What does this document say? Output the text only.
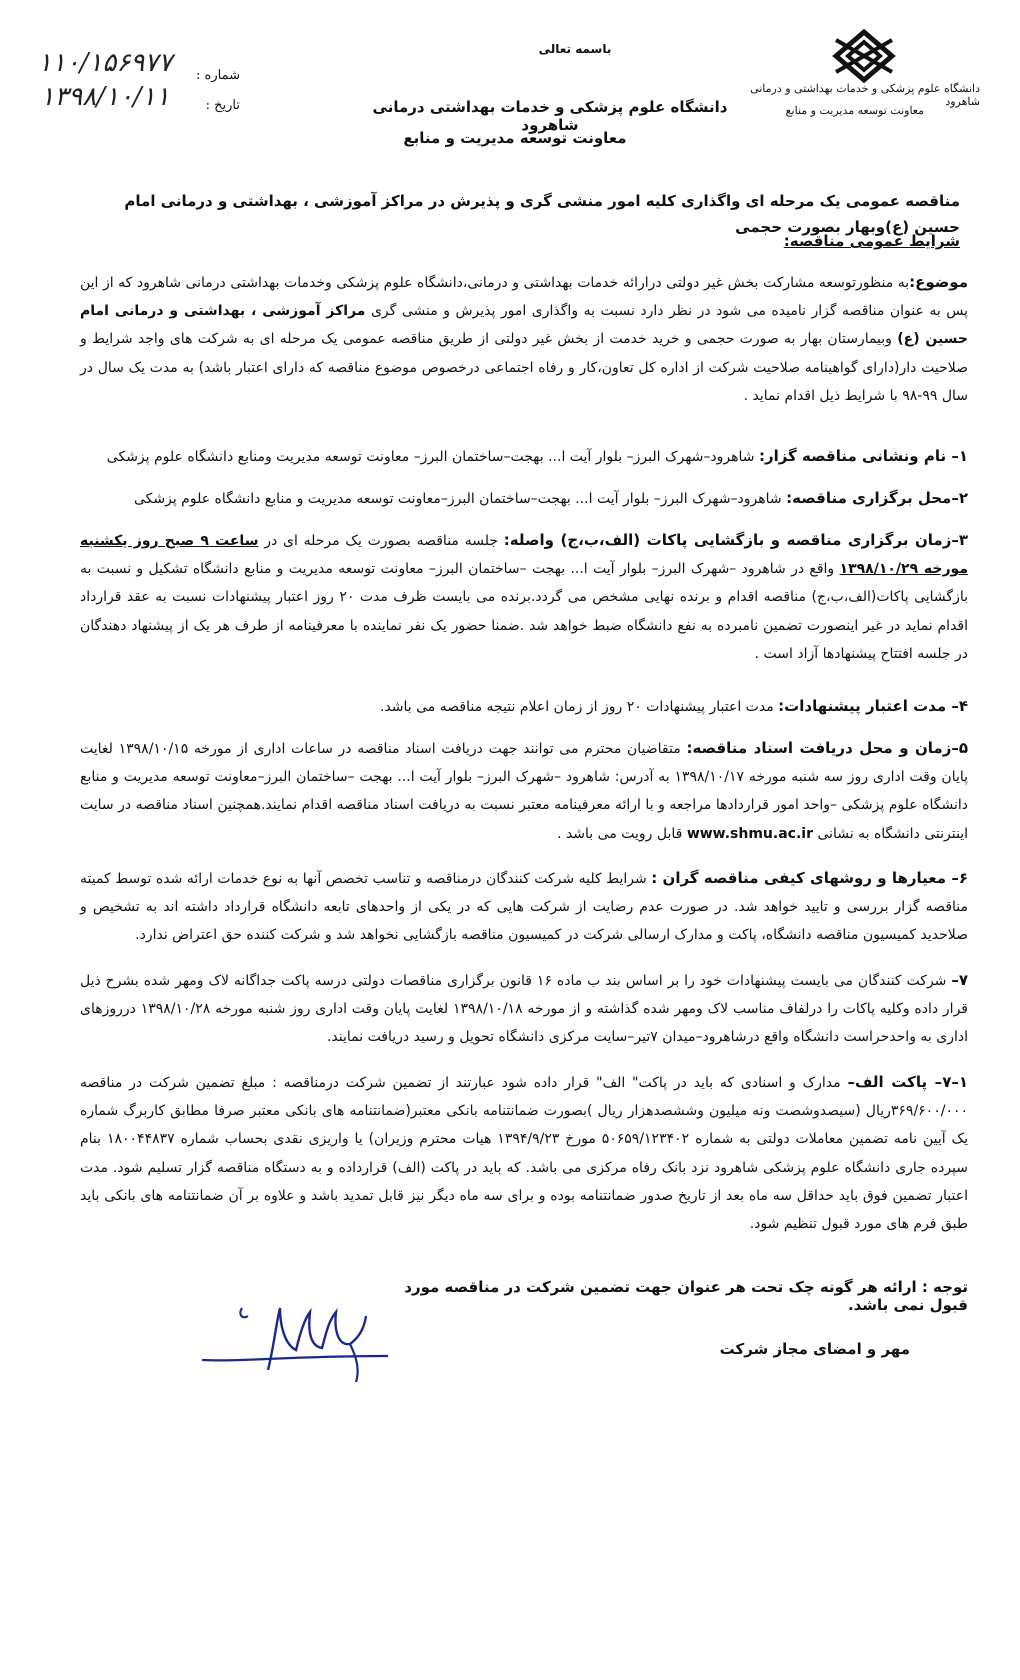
دانشگاه علوم پزشکی و خدمات بهداشتی و درمانی شاهرود
معاونت توسعه مدیریت و منابع
باسمه تعالی
دانشگاه علوم پزشکی و خدمات بهداشتی درمانی شاهرود
معاونت توسعه مدیریت و منابع
شماره :
تاریخ :
۱۱۰/۱۵۶۹۷۷
۱۳۹۸/۱۰/۱۱
مناقصه عمومی یک مرحله ای واگذاری کلیه امور منشی گری و پذیرش در مراکز آموزشی ، بهداشتی و درمانی امام حسین (ع)وبهار بصورت حجمی
شرایط عمومی مناقصه:
موضوع:به منظورتوسعه مشارکت بخش غیر دولتی درارائه خدمات بهداشتی و درمانی،دانشگاه علوم پزشکی وخدمات بهداشتی درمانی شاهرود که از این پس به عنوان مناقصه گزار نامیده می شود در نظر دارد نسبت به واگذاری امور پذیرش و منشی گری مراکز آموزشی ، بهداشتی و درمانی امام حسین (ع) وبیمارستان بهار به صورت حجمی و خرید خدمت از بخش غیر دولتی از طریق مناقصه عمومی یک مرحله ای به شرکت های واجد شرایط و صلاحیت دار(دارای گواهینامه صلاحیت شرکت از اداره کل تعاون،کار و رفاه اجتماعی درخصوص موضوع مناقصه که دارای اعتبار باشد) به مدت یک سال در سال ۹۹-۹۸ با شرایط ذیل اقدام نماید .
۱– نام ونشانی مناقصه گزار: شاهرود–شهرک البرز– بلوار آیت ا... بهجت–ساختمان البرز– معاونت توسعه مدیریت ومنابع دانشگاه علوم پزشکی
۲–محل برگزاری مناقصه: شاهرود–شهرک البرز– بلوار آیت ا... بهجت–ساختمان البرز–معاونت توسعه مدیریت و منابع دانشگاه علوم پزشکی
۳–زمان برگزاری مناقصه و بازگشایی پاکات (الف،ب،ج) واصله: جلسه مناقصه بصورت یک مرحله ای در ساعت ۹ صبح روز یکشنبه مورخه ۱۳۹۸/۱۰/۲۹ واقع در شاهرود –شهرک البرز– بلوار آیت ا... بهجت –ساختمان البرز– معاونت توسعه مدیریت و منابع دانشگاه تشکیل و نسبت به بازگشایی پاکات(الف،ب،ج) مناقصه اقدام و برنده نهایی مشخص می گردد.برنده می بایست ظرف مدت ۲۰ روز اعتبار پیشنهادات نسبت به عقد قرارداد اقدام نماید در غیر اینصورت تضمین نامبرده به نفع دانشگاه ضبط خواهد شد .ضمنا حضور یک نفر نماینده با معرفینامه از طرف هر یک از پیشنهاد دهندگان در جلسه افتتاح پیشنهادها آزاد است .
۴– مدت اعتبار پیشنهادات: مدت اعتبار پیشنهادات ۲۰ روز از زمان اعلام نتیجه مناقصه می باشد.
۵–زمان و محل دریافت اسناد مناقصه: متقاضیان محترم می توانند جهت دریافت اسناد مناقصه در ساعات اداری از مورخه ۱۳۹۸/۱۰/۱۵ لغایت پایان وقت اداری روز سه شنبه مورخه ۱۳۹۸/۱۰/۱۷ به آدرس: شاهرود –شهرک البرز– بلوار آیت ا... بهجت –ساختمان البرز–معاونت توسعه مدیریت و منابع دانشگاه علوم پزشکی –واحد امور قراردادها مراجعه و با ارائه معرفینامه معتبر نسبت به دریافت اسناد مناقصه اقدام نمایند.همچنین اسناد مناقصه در سایت اینترنتی دانشگاه به نشانی www.shmu.ac.ir قابل رویت می باشد .
۶– معیارها و روشهای کیفی مناقصه گران : شرایط کلیه شرکت کنندگان درمناقصه و تناسب تخصص آنها به نوع خدمات ارائه شده توسط کمیته مناقصه گزار بررسی و تایید خواهد شد. در صورت عدم رضایت از شرکت هایی که در یکی از واحدهای تابعه دانشگاه قرارداد داشته اند به تشخیص و صلاحدید کمیسیون مناقصه دانشگاه، پاکت و مدارک ارسالی شرکت در کمیسیون مناقصه بازگشایی نخواهد شد و شرکت کننده حق اعتراض ندارد.
۷– شرکت کنندگان می بایست پیشنهادات خود را بر اساس بند ب ماده ۱۶ قانون برگزاری مناقصات دولتی درسه پاکت جداگانه لاک ومهر شده بشرح ذیل قرار داده وکلیه پاکات را درلفاف مناسب لاک ومهر شده گذاشته و از مورخه ۱۳۹۸/۱۰/۱۸ لغایت پایان وقت اداری روز شنبه مورخه ۱۳۹۸/۱۰/۲۸ درروزهای اداری به واحدحراست دانشگاه واقع درشاهرود–میدان ۷تیر–سایت مرکزی دانشگاه تحویل و رسید دریافت نمایند.
۱–۷– پاکت الف– مدارک و اسنادی که باید در پاکت" الف" قرار داده شود عبارتند از تضمین شرکت درمناقصه : مبلغ تضمین شرکت در مناقصه ۳۶۹/۶۰۰/۰۰۰ریال (سیصدوشصت ونه میلیون وششصدهزار ریال )بصورت ضمانتنامه بانکی معتبر(ضمانتنامه های بانکی معتبر صرفا مطابق کاربرگ شماره یک آیین نامه تضمین معاملات دولتی به شماره ۵۰۶۵۹/۱۲۳۴۰۲ مورخ ۱۳۹۴/۹/۲۳ هیات محترم وزیران) یا واریزی نقدی بحساب شماره ۱۸۰۰۴۴۸۳۷ بنام سپرده جاری دانشگاه علوم پزشکی شاهرود نزد بانک رفاه مرکزی می باشد. که باید در پاکت (الف) قرارداده و به دستگاه مناقصه گزار تسلیم شود. مدت اعتبار تضمین فوق باید حداقل سه ماه بعد از تاریخ صدور ضمانتنامه بوده و برای سه ماه دیگر نیز قابل تمدید باشد و علاوه بر آن ضمانتنامه های بانکی باید طبق فرم های مورد قبول تنظیم شود.
توجه : ارائه هر گونه چک تحت هر عنوان جهت تضمین شرکت در مناقصه مورد قبول نمی باشد.
مهر و امضای مجاز شرکت
